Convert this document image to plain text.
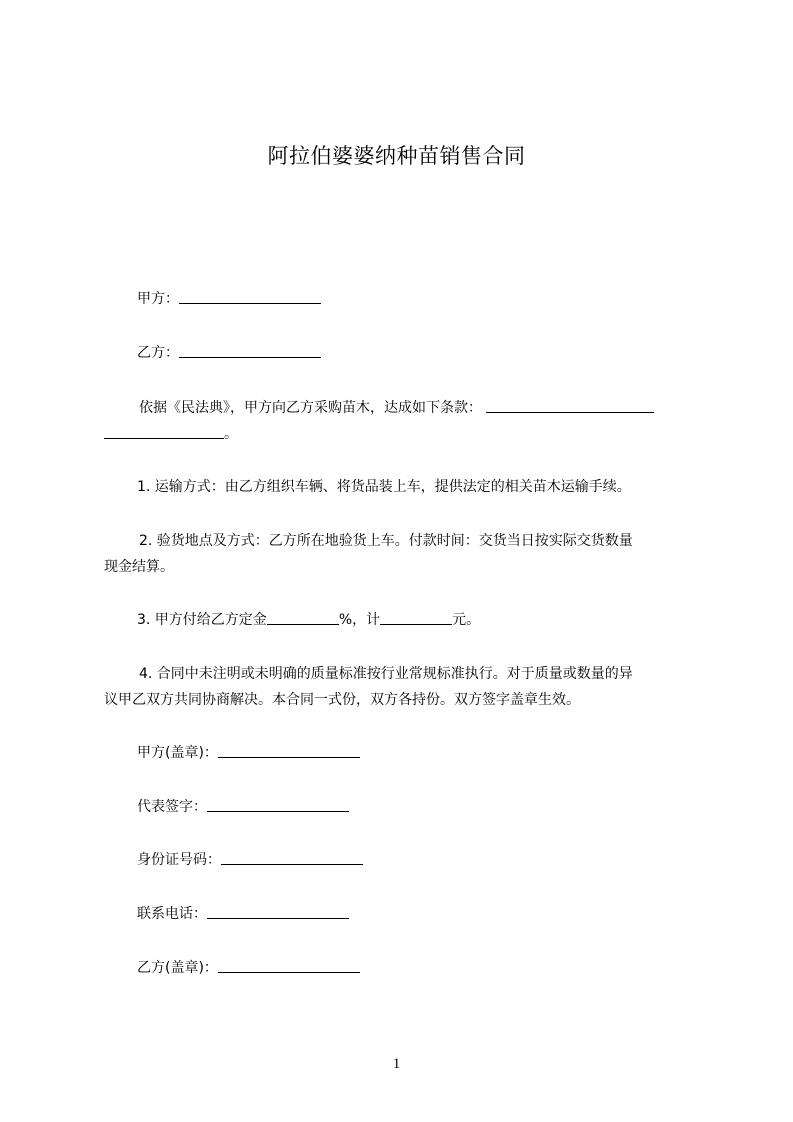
阿拉伯婆婆纳种苗销售合同
甲方：
乙方：
依据《民法典》，甲方向乙方采购苗木，达成如下条款：
。
1. 运输方式：由乙方组织车辆、将货品装上车，提供法定的相关苗木运输手续。
2. 验货地点及方式：乙方所在地验货上车。付款时间：交货当日按实际交货数量
现金结算。
3. 甲方付给乙方定金	%，计	元。
4. 合同中未注明或未明确的质量标准按行业常规标准执行。对于质量或数量的异
议甲乙双方共同协商解决。本合同一式份，双方各持份。双方签字盖章生效。
甲方(盖章)：
代表签字：
身份证号码：
联系电话：
乙方(盖章)：
1
